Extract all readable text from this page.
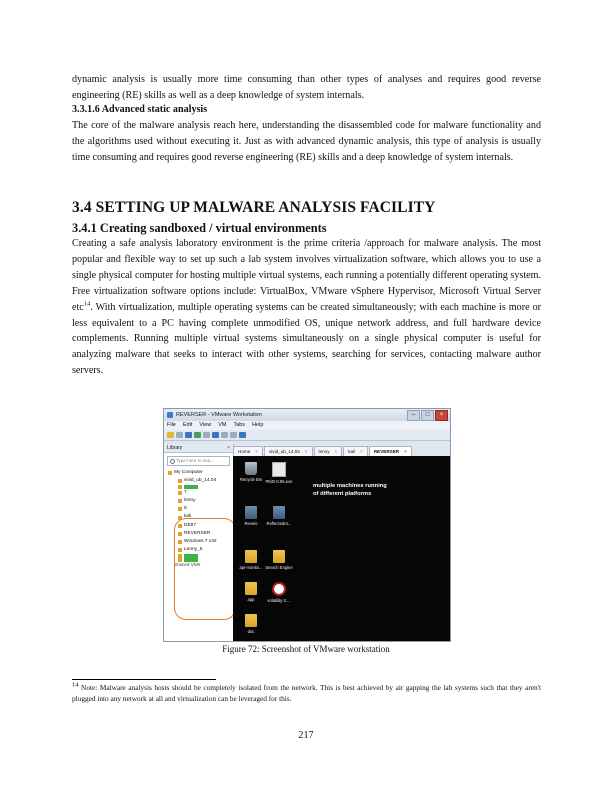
dynamic analysis is usually more time consuming than other types of analyses and requires good reverse engineering (RE) skills as well as a deep knowledge of system internals.

3.3.1.6 Advanced static analysis

The core of the malware analysis reach here, understanding the disassembled code for malware functionality and the algorithms used without executing it. Just as with advanced dynamic analysis, this type of analysis is usually time consuming and requires good reverse engineering (RE) skills and a deep knowledge of system internals.

3.4 SETTING UP MALWARE ANALYSIS FACILITY

3.4.1 Creating sandboxed / virtual environments

Creating a safe analysis laboratory environment is the prime criteria /approach for malware analysis. The most popular and flexible way to set up such a lab system involves virtualization software, which allows you to use a single physical computer for hosting multiple virtual systems, each running a potentially different operating system. Free virtualization software options include: VirtualBox, VMware vSphere Hypervisor, Microsoft Virtual Server etc$^{14}$. With virtualization, multiple operating systems can be created simultaneously; with each machine is more or less equivalent to a PC having complete unmodified OS, unique network address, and full hardware device complements. Running multiple virtual systems simultaneously on a single physical computer is useful for analyzing malware that seeks to interact with other systems, searching for services, contacting malware author servers.

REVERSER - VMware Workstation	–	□	×
File Edit View VM Tabs Help
Library	×
Type here to sea...
My Computer
vivid_ub_14.04
7
lenny
8
kali
DE87
REVERSER
Windows 7 x32
Lenny_6
Shared VMs
Home × vivid_ub_14.04 × lenny × kali × REVERSER ×
Recycle Bin PEiD-0.95.exe
Revelo	Reflectedro...
api-monito... Search Engine
app	volatility-2....
doc
multiple machines running
of different platforms

Figure 72: Screenshot of VMware workstation

$^{14}$ Note: Malware analysis hosts should be completely isolated from the network. This is best achieved by air gapping the lab systems such that they aren't plugged into any network at all and virtualization can be leveraged for this.

217
